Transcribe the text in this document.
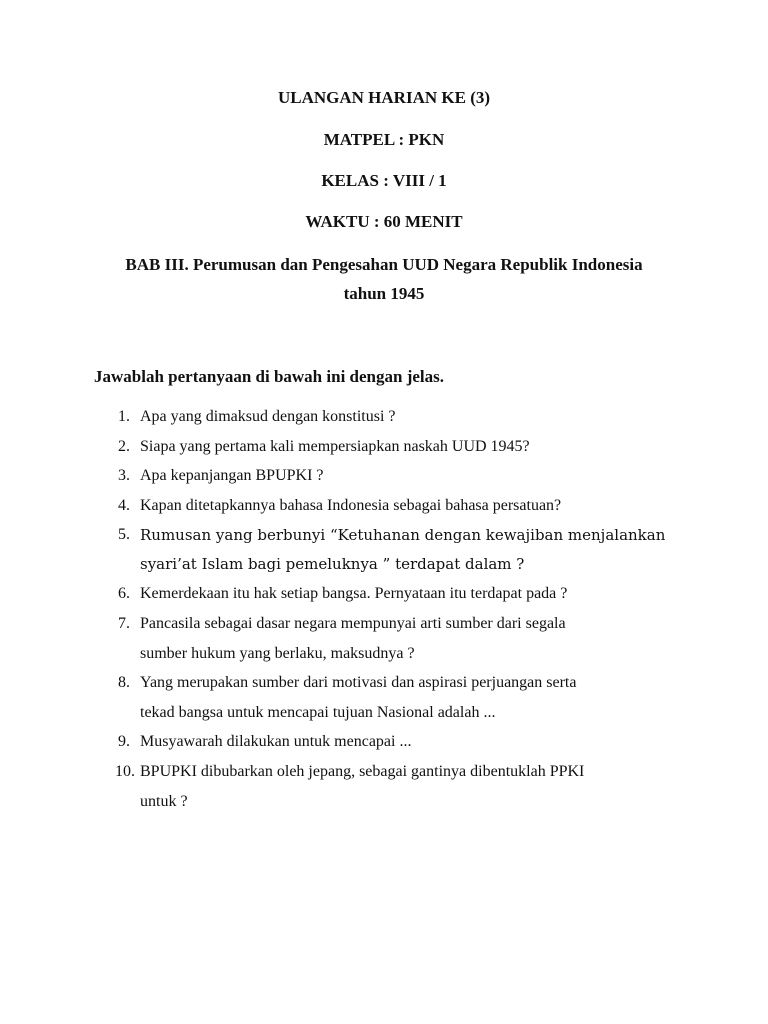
ULANGAN HARIAN KE (3)
MATPEL : PKN
KELAS : VIII / 1
WAKTU : 60 MENIT
BAB III. Perumusan dan Pengesahan UUD Negara Republik Indonesia
tahun 1945
Jawablah pertanyaan di bawah ini dengan jelas.
1. Apa yang dimaksud dengan konstitusi ?
2. Siapa yang pertama kali mempersiapkan naskah UUD 1945?
3. Apa kepanjangan BPUPKI ?
4. Kapan ditetapkannya bahasa Indonesia sebagai bahasa persatuan?
5. Rumusan yang berbunyi “Ketuhanan dengan kewajiban menjalankan
syari’at Islam bagi pemeluknya ” terdapat dalam ?
6. Kemerdekaan itu hak setiap bangsa. Pernyataan itu terdapat pada ?
7. Pancasila sebagai dasar negara mempunyai arti sumber dari segala
sumber hukum yang berlaku, maksudnya ?
8. Yang merupakan sumber dari motivasi dan aspirasi perjuangan serta
tekad bangsa untuk mencapai tujuan Nasional adalah ...
9. Musyawarah dilakukan untuk mencapai ...
10. BPUPKI dibubarkan oleh jepang, sebagai gantinya dibentuklah PPKI
untuk ?
